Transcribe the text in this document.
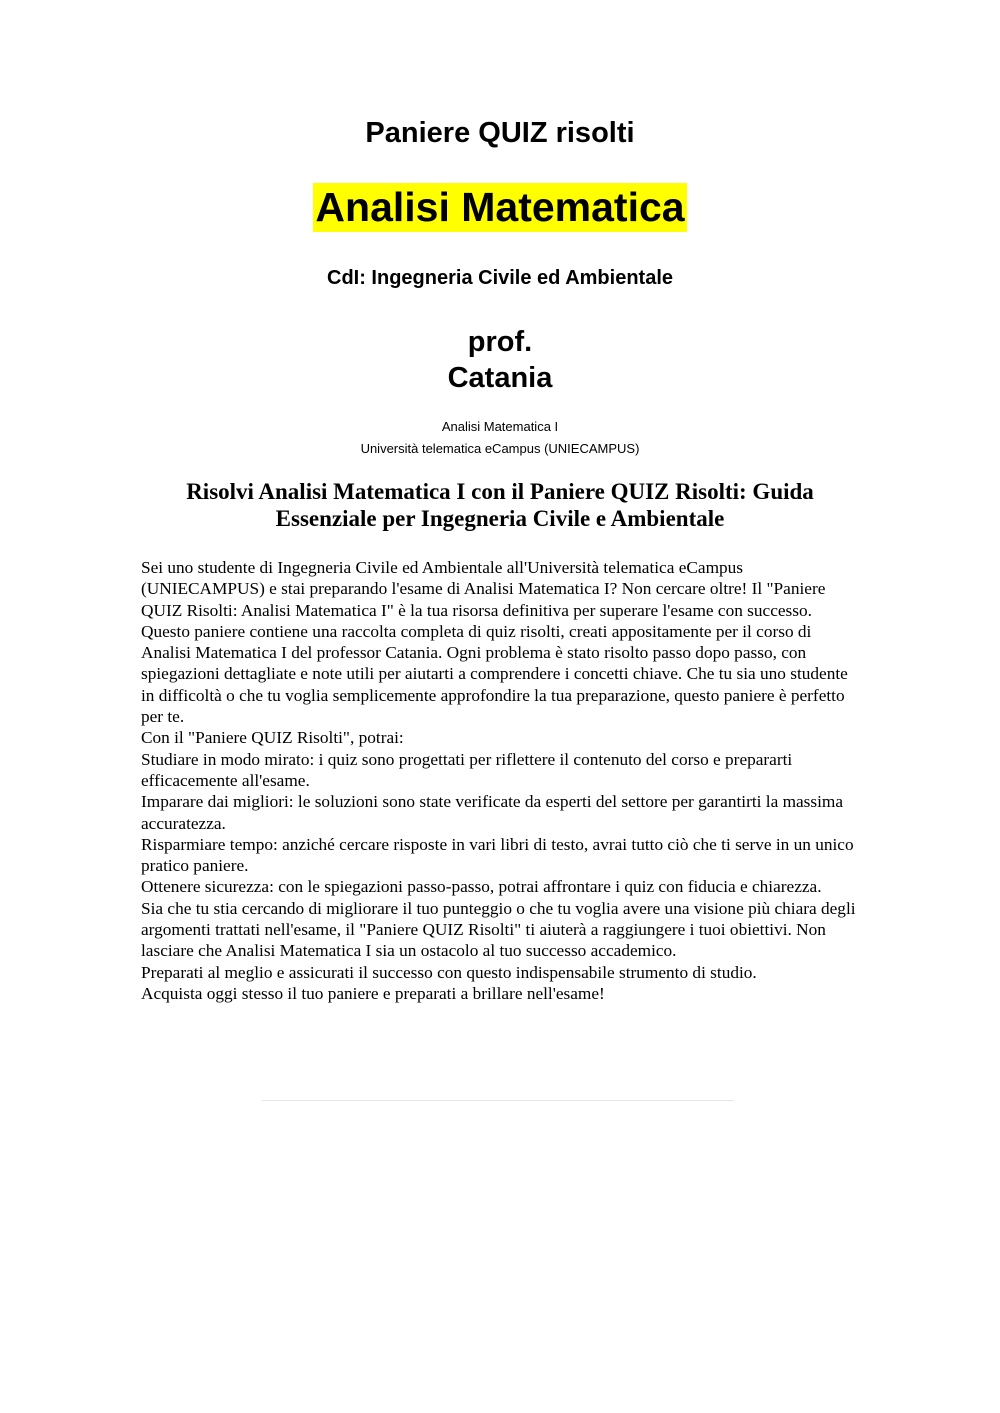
Paniere QUIZ risolti
Analisi Matematica
CdI: Ingegneria Civile ed Ambientale
prof.
Catania
Analisi Matematica I
Università telematica eCampus (UNIECAMPUS)
Risolvi Analisi Matematica I con il Paniere QUIZ Risolti: Guida Essenziale per Ingegneria Civile e Ambientale

Sei uno studente di Ingegneria Civile ed Ambientale all'Università telematica eCampus (UNIECAMPUS) e stai preparando l'esame di Analisi Matematica I? Non cercare oltre! Il "Paniere QUIZ Risolti: Analisi Matematica I" è la tua risorsa definitiva per superare l'esame con successo.

Questo paniere contiene una raccolta completa di quiz risolti, creati appositamente per il corso di Analisi Matematica I del professor Catania. Ogni problema è stato risolto passo dopo passo, con spiegazioni dettagliate e note utili per aiutarti a comprendere i concetti chiave. Che tu sia uno studente in difficoltà o che tu voglia semplicemente approfondire la tua preparazione, questo paniere è perfetto per te.

Con il "Paniere QUIZ Risolti", potrai:

Studiare in modo mirato: i quiz sono progettati per riflettere il contenuto del corso e prepararti efficacemente all'esame.

Imparare dai migliori: le soluzioni sono state verificate da esperti del settore per garantirti la massima accuratezza.

Risparmiare tempo: anziché cercare risposte in vari libri di testo, avrai tutto ciò che ti serve in un unico pratico paniere.

Ottenere sicurezza: con le spiegazioni passo-passo, potrai affrontare i quiz con fiducia e chiarezza.

Sia che tu stia cercando di migliorare il tuo punteggio o che tu voglia avere una visione più chiara degli argomenti trattati nell'esame, il "Paniere QUIZ Risolti" ti aiuterà a raggiungere i tuoi obiettivi. Non lasciare che Analisi Matematica I sia un ostacolo al tuo successo accademico.

Preparati al meglio e assicurati il successo con questo indispensabile strumento di studio.

Acquista oggi stesso il tuo paniere e preparati a brillare nell'esame!
